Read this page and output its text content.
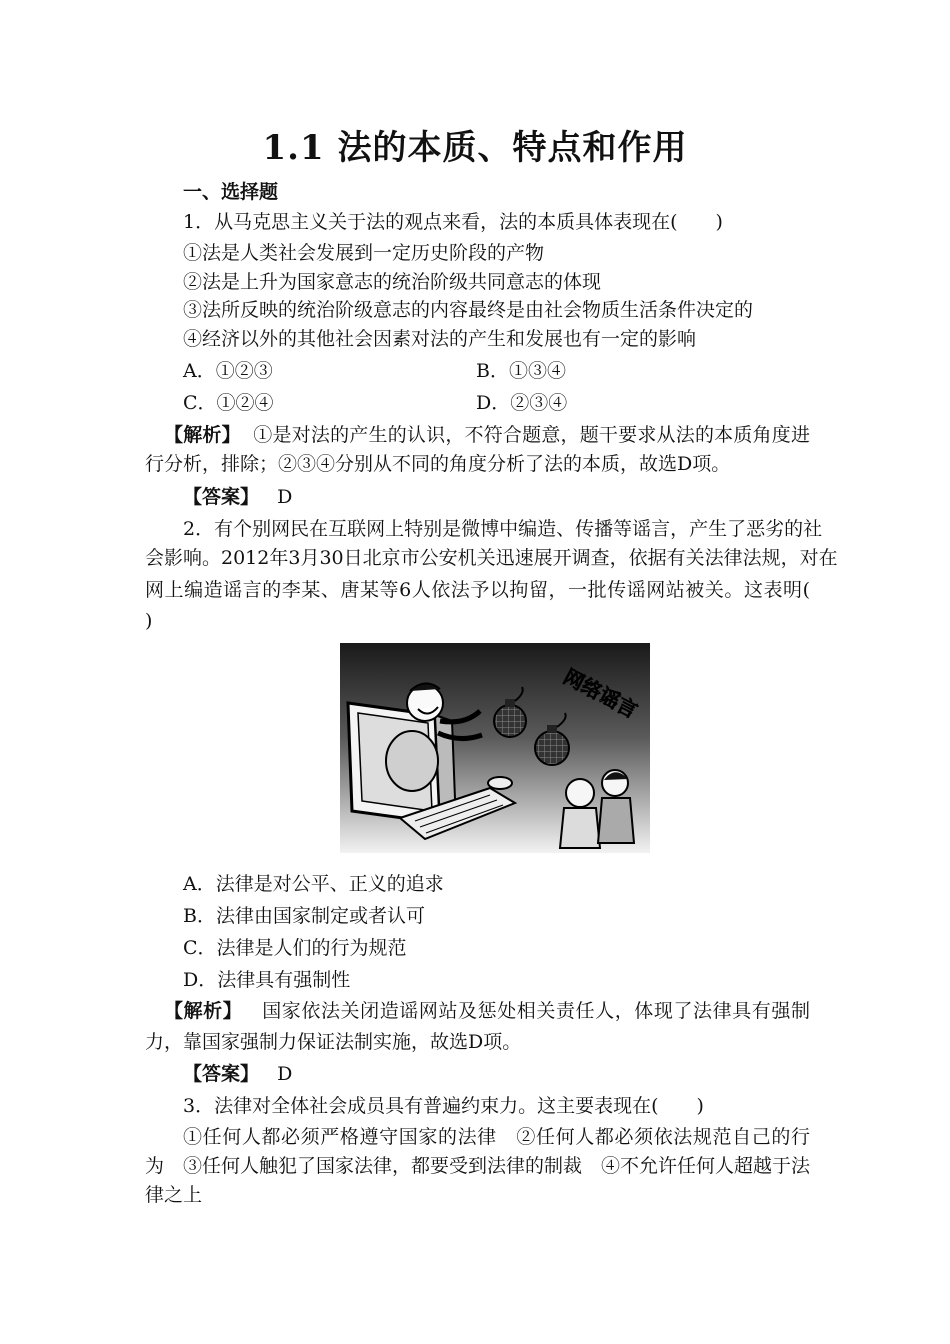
1.1 法的本质、特点和作用
一、选择题
1．从马克思主义关于法的观点来看，法的本质具体表现在(　　)
①法是人类社会发展到一定历史阶段的产物
②法是上升为国家意志的统治阶级共同意志的体现
③法所反映的统治阶级意志的内容最终是由社会物质生活条件决定的
④经济以外的其他社会因素对法的产生和发展也有一定的影响
A．①②③	B．①③④
C．①②④	D．②③④
【解析】 ①是对法的产生的认识，不符合题意，题干要求从法的本质角度进
行分析，排除；②③④分别从不同的角度分析了法的本质，故选D项。
【答案】 D
2．有个别网民在互联网上特别是微博中编造、传播等谣言，产生了恶劣的社
会影响。2012年3月30日北京市公安机关迅速展开调查，依据有关法律法规，对在
网上编造谣言的李某、唐某等6人依法予以拘留，一批传谣网站被关。这表明(
)
网络谣言
A．法律是对公平、正义的追求
B．法律由国家制定或者认可
C．法律是人们的行为规范
D．法律具有强制性
【解析】 国家依法关闭造谣网站及惩处相关责任人，体现了法律具有强制
力，靠国家强制力保证法制实施，故选D项。
【答案】 D
3．法律对全体社会成员具有普遍约束力。这主要表现在(　　)
①任何人都必须严格遵守国家的法律　②任何人都必须依法规范自己的行
为　③任何人触犯了国家法律，都要受到法律的制裁　④不允许任何人超越于法
律之上
